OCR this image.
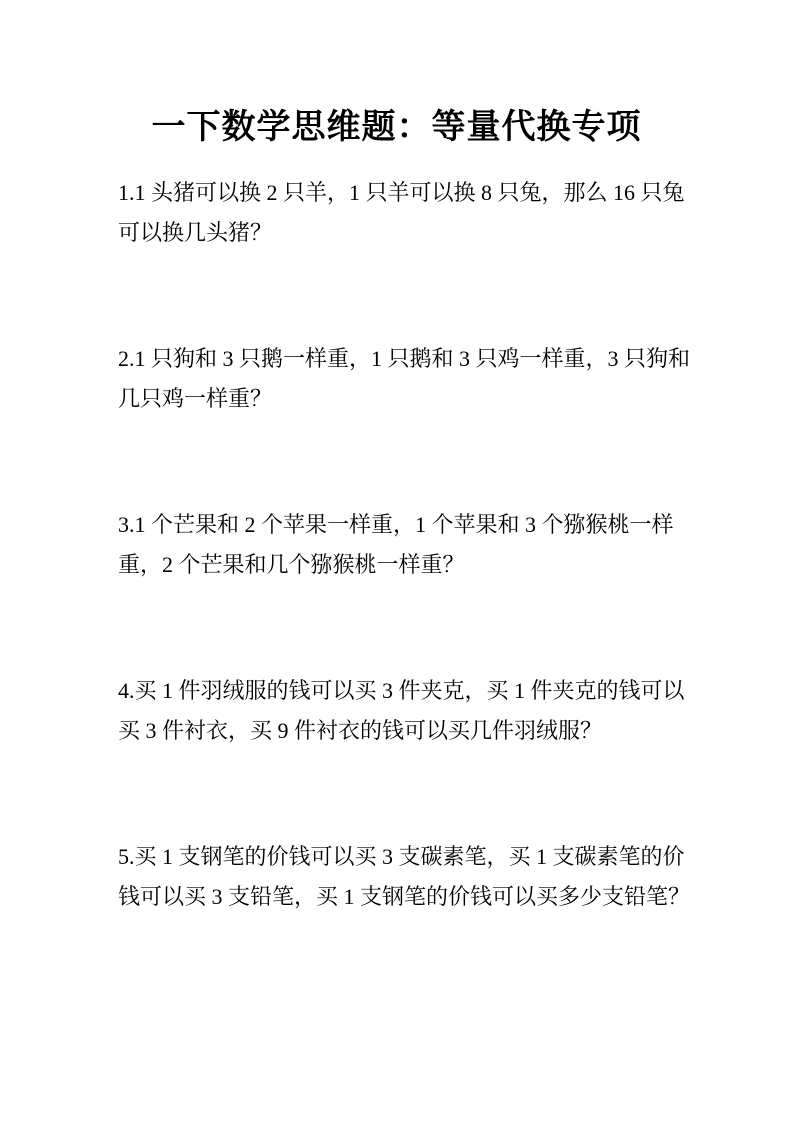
一下数学思维题：等量代换专项
1.1 头猪可以换 2 只羊，1 只羊可以换 8 只兔，那么 16 只兔
可以换几头猪？
2.1 只狗和 3 只鹅一样重，1 只鹅和 3 只鸡一样重，3 只狗和
几只鸡一样重？
3.1 个芒果和 2 个苹果一样重，1 个苹果和 3 个猕猴桃一样
重，2 个芒果和几个猕猴桃一样重？
4.买 1 件羽绒服的钱可以买 3 件夹克，买 1 件夹克的钱可以
买 3 件衬衣，买 9 件衬衣的钱可以买几件羽绒服？
5.买 1 支钢笔的价钱可以买 3 支碳素笔，买 1 支碳素笔的价
钱可以买 3 支铅笔，买 1 支钢笔的价钱可以买多少支铅笔？
